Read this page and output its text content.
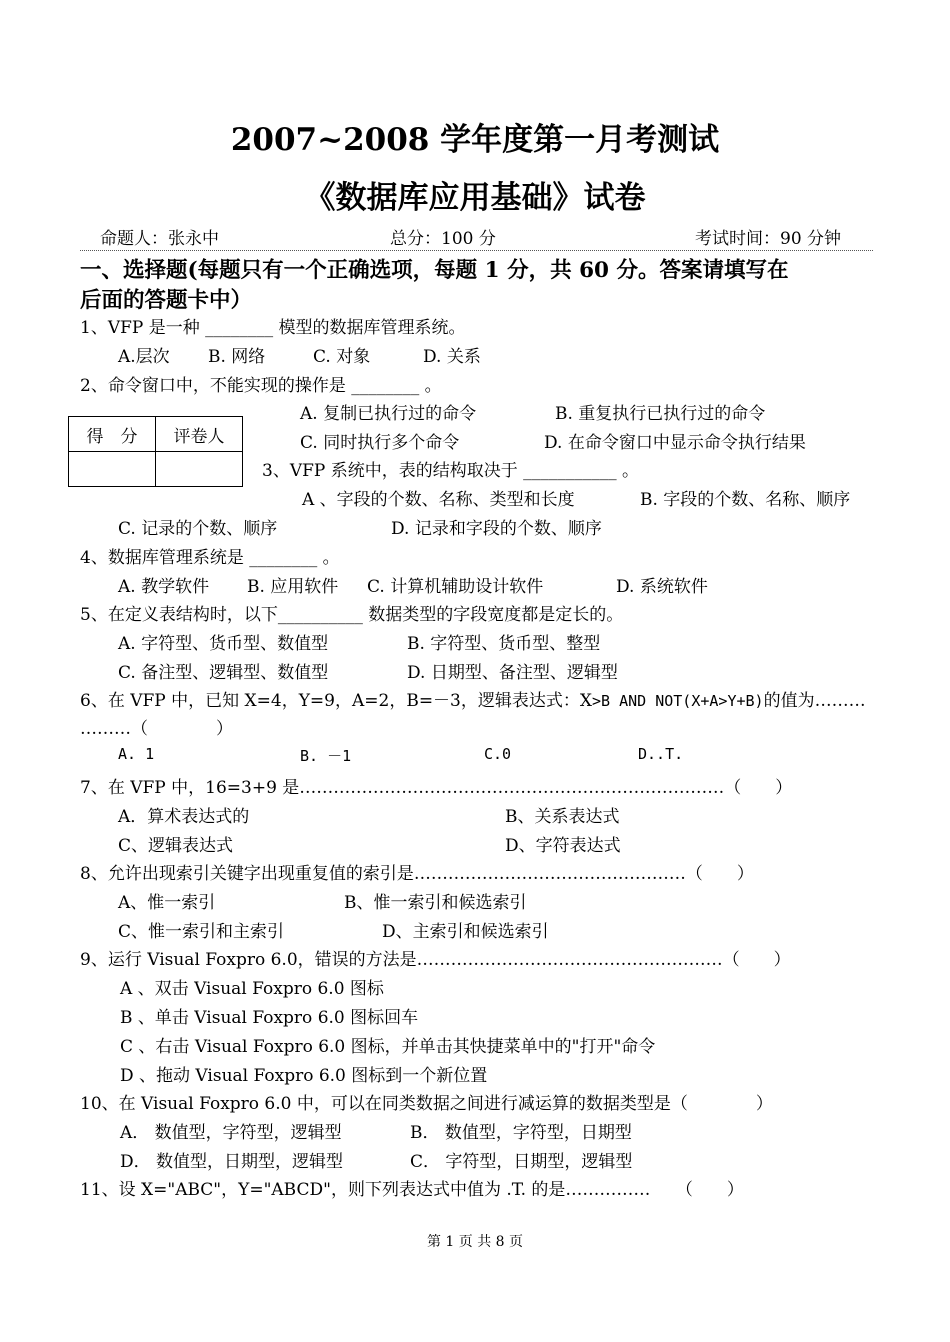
2007~2008 学年度第一月考测试
《数据库应用基础》试卷
命题人：张永中	总分：100 分	考试时间：90 分钟
一、选择题(每题只有一个正确选项，每题 1 分，共 60 分。答案请填写在
后面的答题卡中）
1、VFP 是一种 ________ 模型的数据库管理系统。
A.层次 B. 网络	C. 对象	D. 关系
2、命令窗口中，不能实现的操作是 ________ 。
A. 复制已执行过的命令	B. 重复执行已执行过的命令
C. 同时执行多个命令	D. 在命令窗口中显示命令执行结果
得　分	评卷人

3、VFP 系统中，表的结构取决于 ___________ 。
A 、字段的个数、名称、类型和长度	B. 字段的个数、名称、顺序
C. 记录的个数、顺序	D. 记录和字段的个数、顺序
4、数据库管理系统是 ________ 。
A. 教学软件 B. 应用软件 C. 计算机辅助设计软件	D. 系统软件
5、在定义表结构时，以下__________ 数据类型的字段宽度都是定长的。
A. 字符型、货币型、数值型	B. 字符型、货币型、整型
C. 备注型、逻辑型、数值型	D. 日期型、备注型、逻辑型
6、在 VFP 中，已知 X=4，Y=9，A=2，B=－3，逻辑表达式：X>B AND NOT(X+A>Y+B)的值为………
………（　　　　）
A. 1	B. －1	C.0	D..T.
7、在 VFP 中，16=3+9 是…………………………………………………………………（　　）
A．算术表达式的	B、关系表达式
C、逻辑表达式	D、字符表达式
8、允许出现索引关键字出现重复值的索引是…………………………………………（　　）
A、惟一索引	B、惟一索引和候选索引
C、惟一索引和主索引	D、主索引和候选索引
9、运行 Visual Foxpro 6.0，错误的方法是………………………………………………（　　）
A 、双击 Visual Foxpro 6.0 图标
B 、单击 Visual Foxpro 6.0 图标回车
C 、右击 Visual Foxpro 6.0 图标，并单击其快捷菜单中的"打开"命令
D 、拖动 Visual Foxpro 6.0 图标到一个新位置
10、在 Visual Foxpro 6.0 中，可以在同类数据之间进行减运算的数据类型是（　　　　）
A． 数值型，字符型，逻辑型	B． 数值型，字符型，日期型
D． 数值型，日期型，逻辑型	C． 字符型，日期型，逻辑型
11、设 X="ABC"，Y="ABCD"，则下列表达式中值为 .T. 的是……………　　（　　）
第 1 页 共 8 页
